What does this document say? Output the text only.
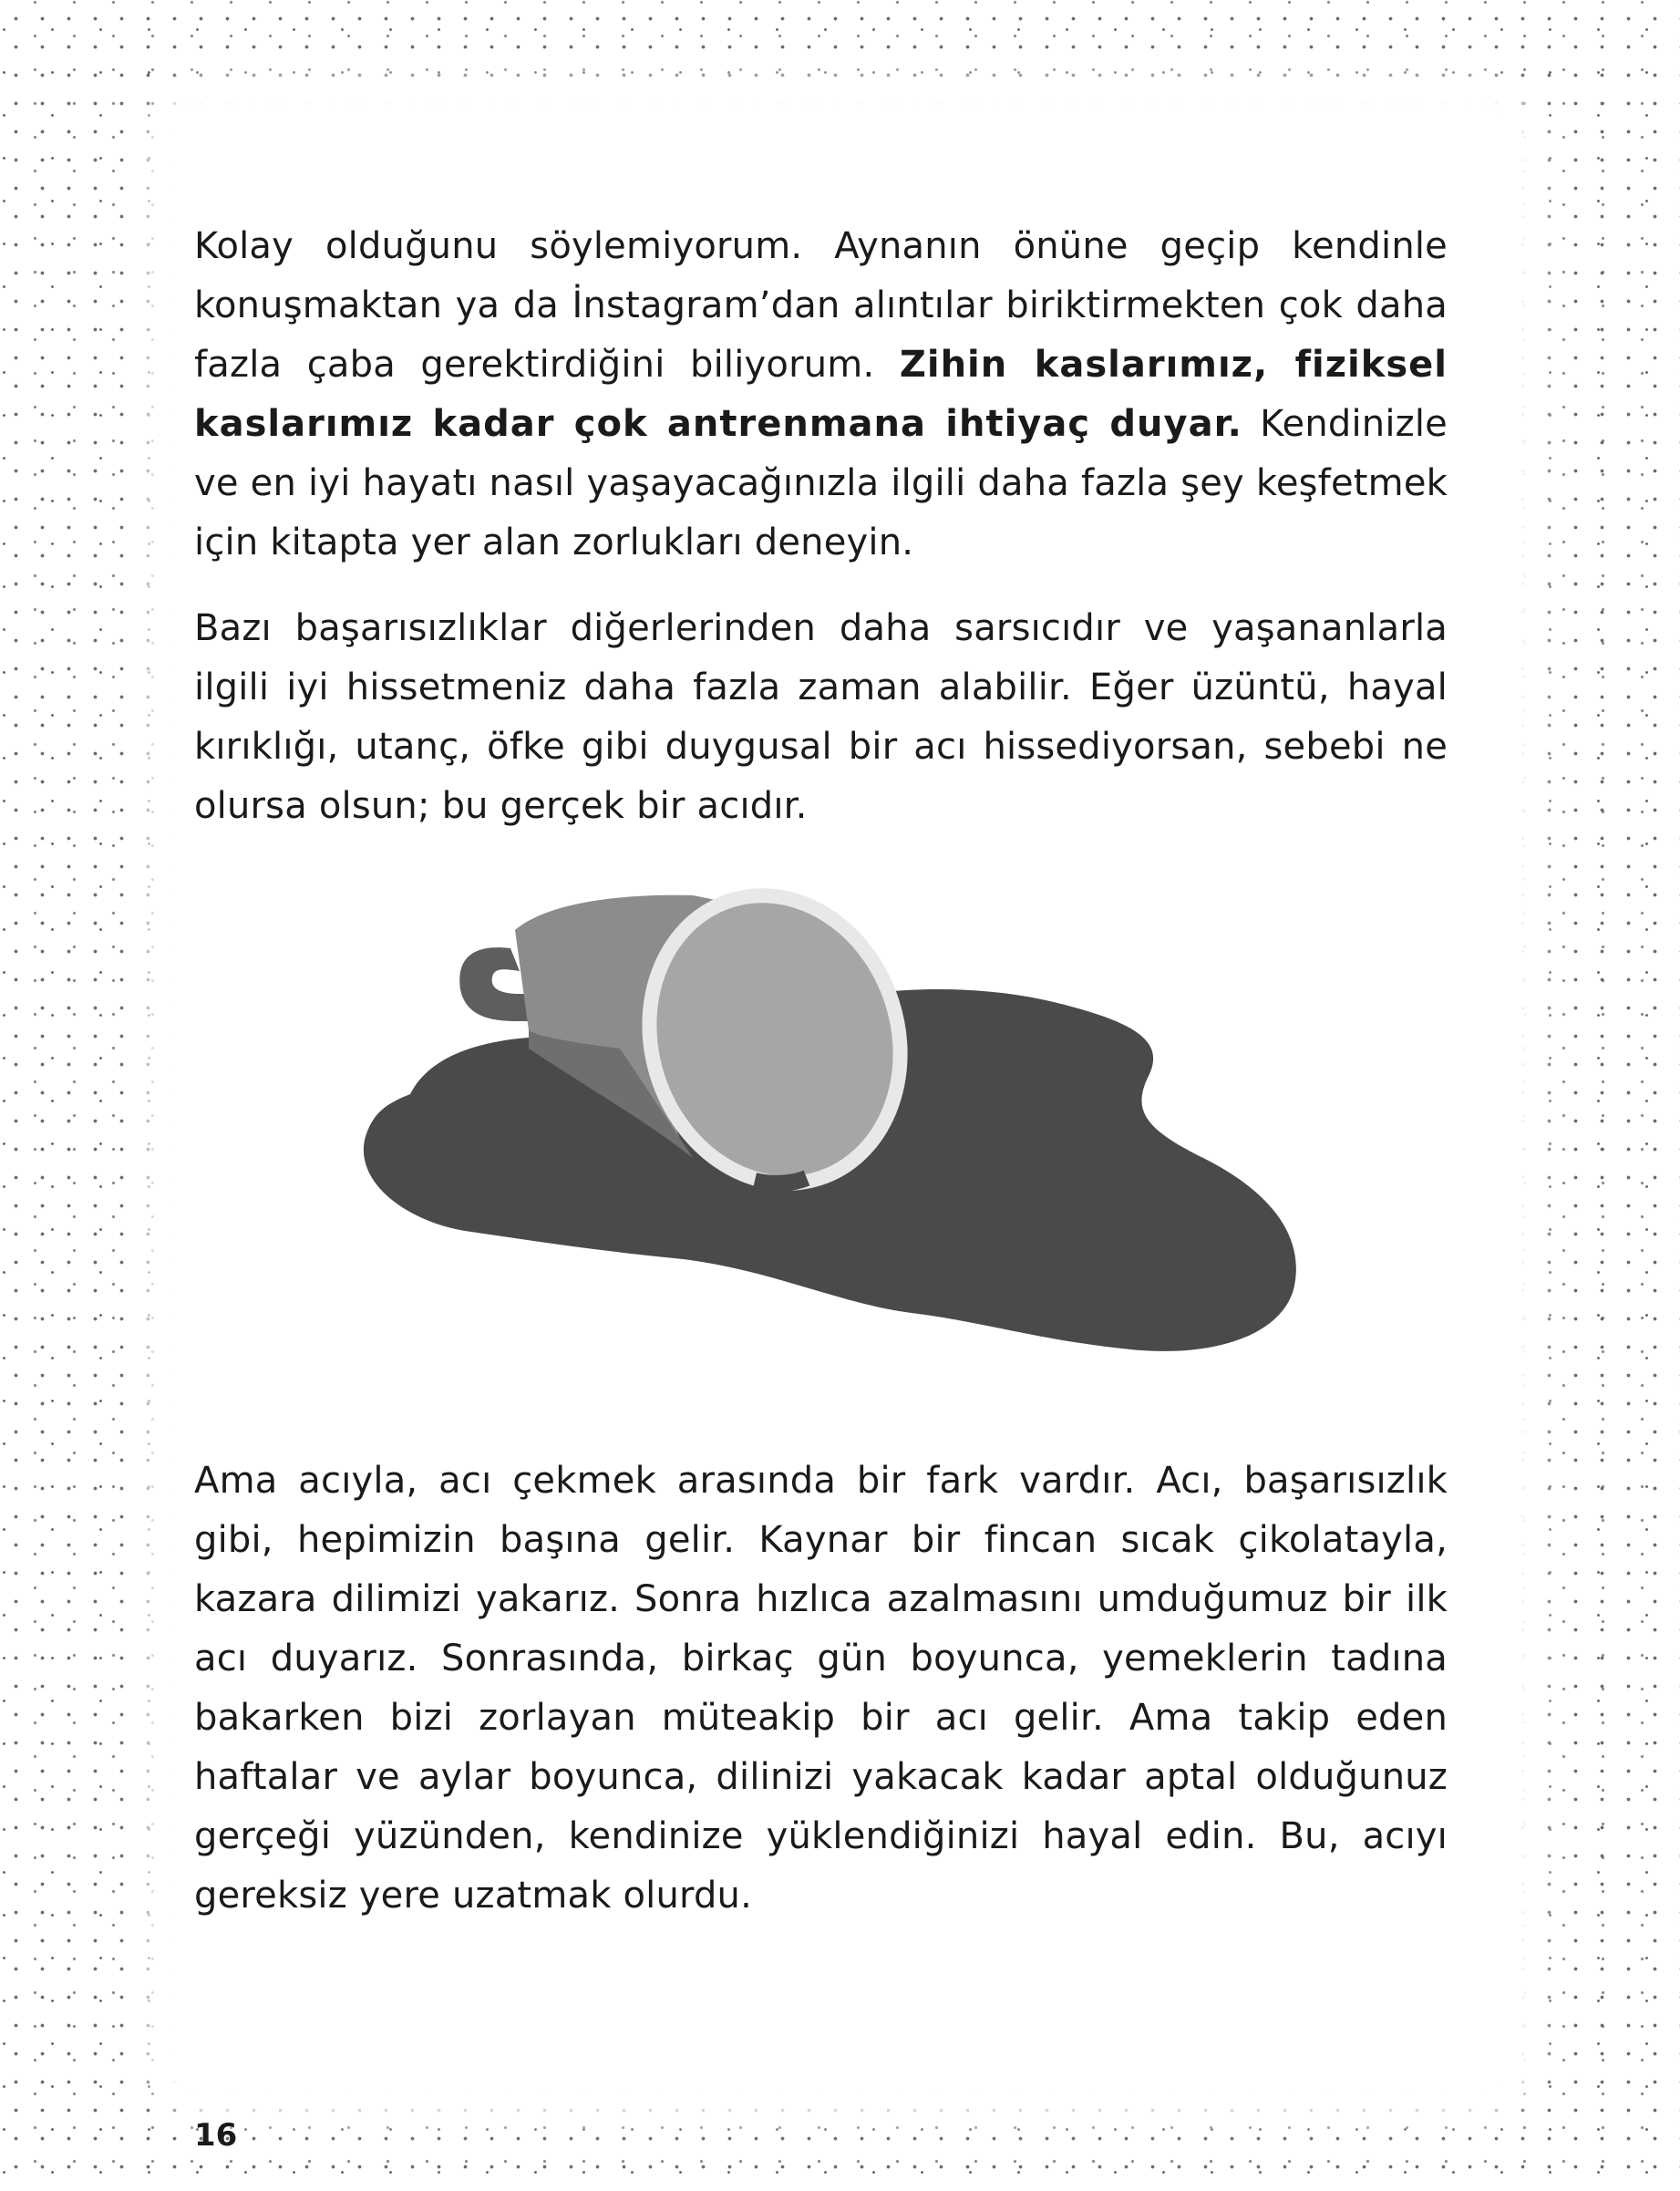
Kolay olduğunu söylemiyorum. Aynanın önüne geçip kendinle konuşmaktan ya da İnstagram’dan alıntılar biriktirmekten çok daha fazla çaba gerektirdiğini biliyorum. Zihin kaslarımız, fiziksel kaslarımız kadar çok antrenmana ihtiyaç duyar. Kendinizle ve en iyi hayatı nasıl yaşayacağınızla ilgili daha fazla şey keşfetmek için kitapta yer alan zorlukları deneyin.

Bazı başarısızlıklar diğerlerinden daha sarsıcıdır ve yaşananlarla ilgili iyi hissetmeniz daha fazla zaman alabilir. Eğer üzüntü, hayal kırıklığı, utanç, öfke gibi duygusal bir acı hissediyorsan, sebebi ne olursa olsun; bu gerçek bir acıdır.

Ama acıyla, acı çekmek arasında bir fark vardır. Acı, başarısızlık gibi, hepimizin başına gelir. Kaynar bir fincan sıcak çikolatayla, kazara dilimizi yakarız. Sonra hızlıca azalmasını umduğumuz bir ilk acı duyarız. Sonrasında, birkaç gün boyunca, yemeklerin tadına bakarken bizi zorlayan müteakip bir acı gelir. Ama takip eden haftalar ve aylar boyunca, dilinizi yakacak kadar aptal olduğunuz gerçeği yüzünden, kendinize yüklendiğinizi hayal edin. Bu, acıyı gereksiz yere uzatmak olurdu.

16
